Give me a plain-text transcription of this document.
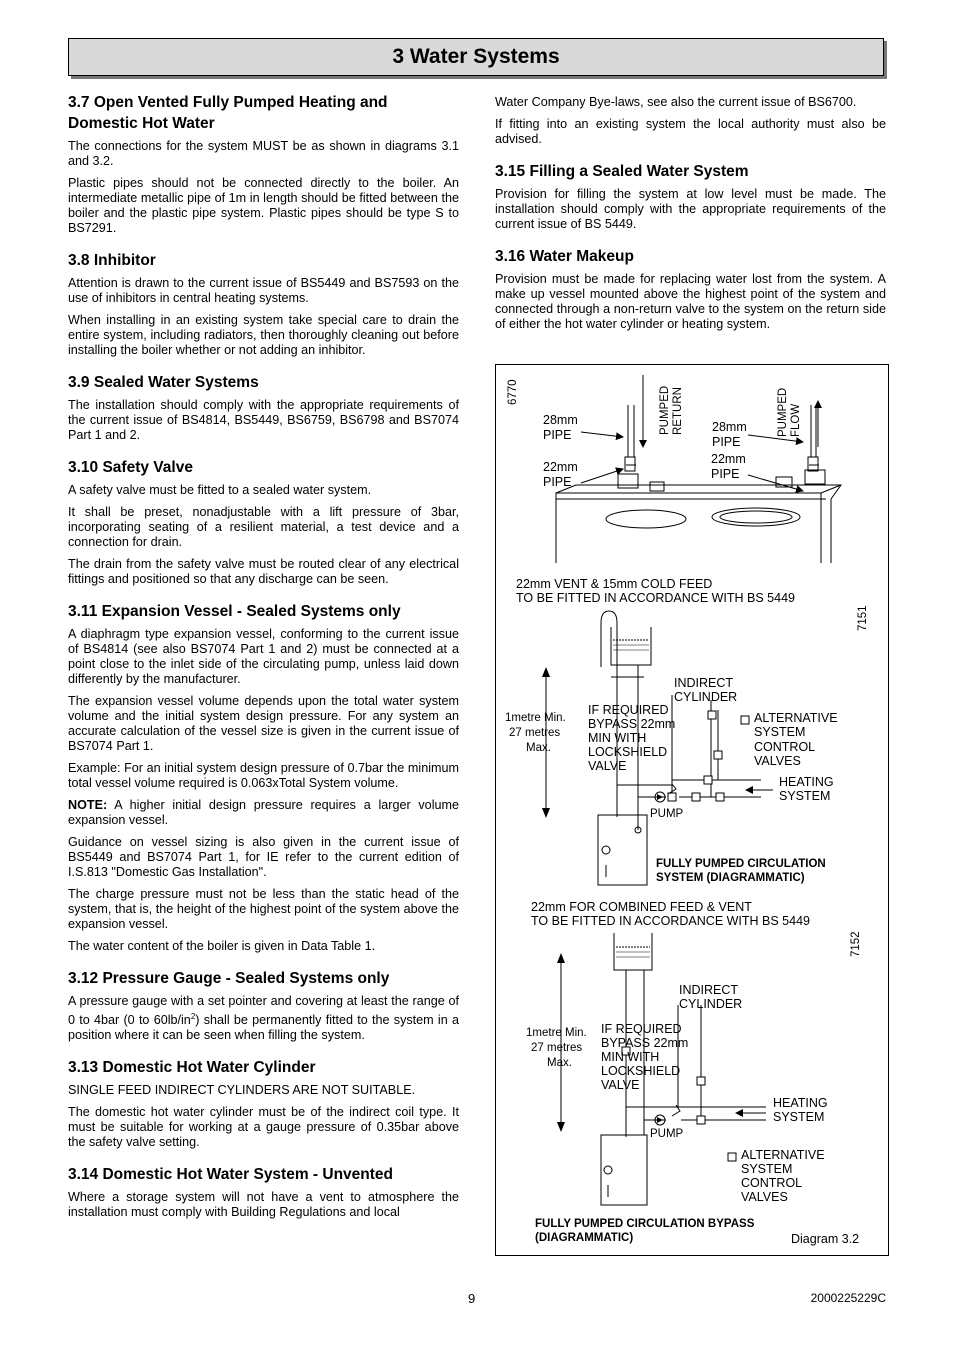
3 Water Systems
3.7 Open Vented Fully Pumped Heating and Domestic Hot Water

The connections for the system MUST be as shown in diagrams 3.1 and 3.2.

Plastic pipes should not be connected directly to the boiler. An intermediate metallic pipe of 1m in length should be fitted between the boiler and the plastic pipe system. Plastic pipes should be type S to BS7291.

3.8 Inhibitor

Attention is drawn to the current issue of BS5449 and BS7593 on the use of inhibitors in central heating systems.

When installing in an existing system take special care to drain the entire system, including radiators, then thoroughly cleaning out before installing the boiler whether or not adding an inhibitor.

3.9 Sealed Water Systems

The installation should comply with the appropriate requirements of the current issue of BS4814, BS5449, BS6759, BS6798 and BS7074 Part 1 and 2.

3.10 Safety Valve

A safety valve must be fitted to a sealed water system.

It shall be preset, nonadjustable with a lift pressure of 3bar, incorporating seating of a resilient material, a test device and a connection for drain.

The drain from the safety valve must be routed clear of any electrical fittings and positioned so that any discharge can be seen.

3.11 Expansion Vessel - Sealed Systems only

A diaphragm type expansion vessel, conforming to the current issue of BS4814 (see also BS7074 Part 1 and 2) must be connected at a point close to the inlet side of the circulating pump, unless laid down differently by the manufacturer.

The expansion vessel volume depends upon the total water system volume and the initial system design pressure. For any system an accurate calculation of the vessel size is given in the current issue of BS7074 Part 1.

Example: For an initial system design pressure of 0.7bar the minimum total vessel volume required is 0.063xTotal System volume.

NOTE: A higher initial design pressure requires a larger volume expansion vessel.

Guidance on vessel sizing is also given in the current issue of BS5449 and BS7074 Part 1, for IE refer to the current edition of I.S.813 "Domestic Gas Installation".

The charge pressure must not be less than the static head of the system, that is, the height of the highest point of the system above the expansion vessel.

The water content of the boiler is given in Data Table 1.

3.12 Pressure Gauge - Sealed Systems only

A pressure gauge with a set pointer and covering at least the range of 0 to 4bar (0 to $60lb/in^2$) shall be permanently fitted to the system in a position where it can be seen when filling the system.

3.13 Domestic Hot Water Cylinder

SINGLE FEED INDIRECT CYLINDERS ARE NOT SUITABLE.

The domestic hot water cylinder must be of the indirect coil type. It must be suitable for working at a gauge pressure of 0.35bar above the safety valve setting.

3.14 Domestic Hot Water System - Unvented

Where a storage system will not have a vent to atmosphere the installation must comply with Building Regulations and local

Water Company Bye-laws, see also the current issue of BS6700.

If fitting into an existing system the local authority must also be advised.

3.15 Filling a Sealed Water System

Provision for filling the system at low level must be made. The installation should comply with the appropriate requirements of the current issue of BS 5449.

3.16 Water Makeup

Provision must be made for replacing water lost from the system. A make up vessel mounted above the highest point of the system and connected through a non-return valve to the system on the return side of either the hot water cylinder or heating system.

6770	PUMPED RETURN	PUMPED FLOW
28mm
PIPE
22mm
PIPE
28mm
PIPE
22mm
PIPE
22mm VENT & 15mm COLD FEED
TO BE FITTED IN ACCORDANCE WITH BS 5449
7151
INDIRECT
CYLINDER
1metre Min.
27 metres
Max.
IF REQUIRED
BYPASS 22mm
MIN WITH
LOCKSHIELD
VALVE
ALTERNATIVE
SYSTEM
CONTROL
VALVES
HEATING
SYSTEM
PUMP
FULLY PUMPED CIRCULATION
SYSTEM (DIAGRAMMATIC)
22mm FOR COMBINED FEED & VENT
TO BE FITTED IN ACCORDANCE WITH BS 5449
7152
INDIRECT
CYLINDER
1metre Min.
27 metres
Max.
IF REQUIRED
BYPASS 22mm
MIN WITH
LOCKSHIELD
VALVE
HEATING
SYSTEM
PUMP
ALTERNATIVE
SYSTEM
CONTROL
VALVES
FULLY PUMPED CIRCULATION BYPASS
(DIAGRAMMATIC)	Diagram 3.2
9	2000225229C
